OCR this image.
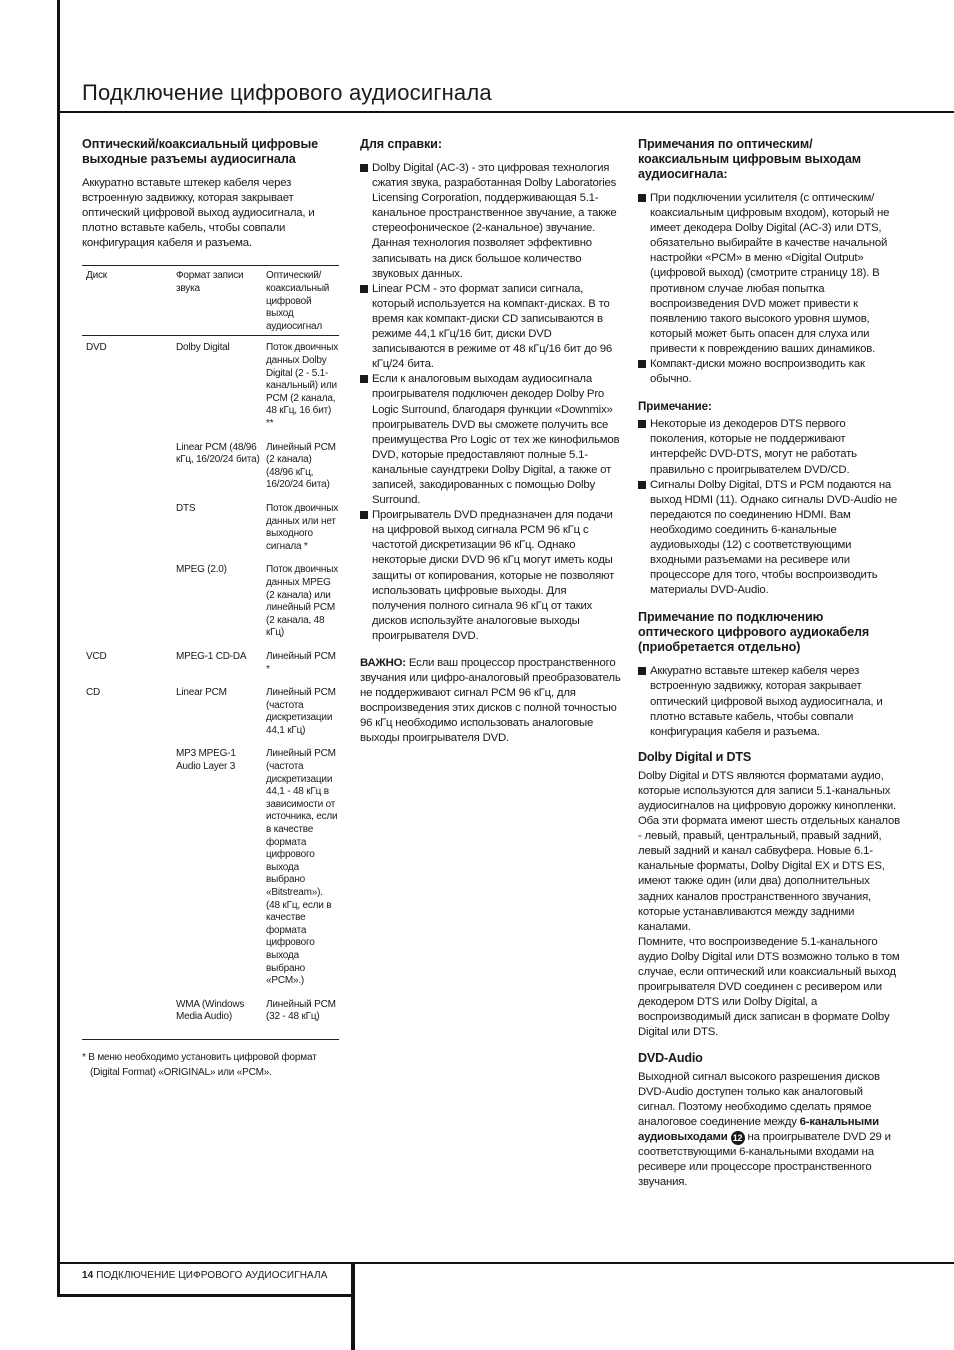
Подключение цифрового аудиосигнала
Оптический/коаксиальный цифровые выходные разъемы аудиосигнала

Аккуратно вставьте штекер кабеля через встроенную задвижку, которая закрывает оптический цифровой выход аудиосигнала, и плотно вставьте кабель, чтобы совпали конфигурация кабеля и разъема.

Диск	Формат записи звука	Оптический/ коаксиальный цифровой выход аудиосигнал
DVD	Dolby Digital	Поток двоичных данных Dolby Digital (2 - 5.1-канальный) или PCM (2 канала, 48 кГц, 16 бит) **
	Linear PCM (48/96 кГц, 16/20/24 бита)	Линейный PCM (2 канала) (48/96 кГц, 16/20/24 бита)
	DTS	Поток двоичных данных или нет выходного сигнала *
	MPEG (2.0)	Поток двоичных данных MPEG (2 канала) или линейный PCM (2 канала, 48 кГц)
VCD	MPEG-1 CD-DA	Линейный PCM *
CD	Linear PCM	Линейный PCM (частота дискретизации 44,1 кГц)
	MP3 MPEG-1 Audio Layer 3	Линейный PCM (частота дискретизации 44,1 - 48 кГц в зависимости от источника, если в качестве формата цифрового выхода выбрано «Bitstream»). (48 кГц, если в качестве формата цифрового выхода выбрано «PCM».)
	WMA (Windows Media Audio)	Линейный PCM (32 - 48 кГц)

* В меню необходимо установить цифровой формат (Digital Format) «ORIGINAL» или «PCM».

Для справки:
Dolby Digital (AC-3) - это цифровая технология сжатия звука, разработанная Dolby Laboratories Licensing Corporation, поддерживающая 5.1-канальное пространственное звучание, а также стереофоническое (2-канальное) звучание. Данная технология позволяет эффективно записывать на диск большое количество звуковых данных.
Linear PCM - это формат записи сигнала, который используется на компакт-дисках. В то время как компакт-диски CD записываются в режиме 44,1 кГц/16 бит, диски DVD записываются в режиме от 48 кГц/16 бит до 96 кГц/24 бита.
Если к аналоговым выходам аудиосигнала проигрывателя подключен декодер Dolby Pro Logic Surround, благодаря функции «Downmix» проигрыватель DVD вы сможете получить все преимущества Pro Logic от тех же кинофильмов DVD, которые предоставляют полные 5.1-канальные саундтреки Dolby Digital, а также от записей, закодированных с помощью Dolby Surround.
Проигрыватель DVD предназначен для подачи на цифровой выход сигнала PCM 96 кГц с частотой дискретизации 96 кГц. Однако некоторые диски DVD 96 кГц могут иметь коды защиты от копирования, которые не позволяют использовать цифровые выходы. Для получения полного сигнала 96 кГц от таких дисков используйте аналоговые выходы проигрывателя DVD.

ВАЖНО: Если ваш процессор пространственного звучания или цифро-аналоговый преобразователь не поддерживают сигнал PCM 96 кГц, для воспроизведения этих дисков с полной точностью 96 кГц необходимо использовать аналоговые выходы проигрывателя DVD.

Примечания по оптическим/коаксиальным цифровым выходам аудиосигнала:
При подключении усилителя (с оптическим/коаксиальным цифровым входом), который не имеет декодера Dolby Digital (AC-3) или DTS, обязательно выбирайте в качестве начальной настройки «PCM» в меню «Digital Output» (цифровой выход) (смотрите страницу 18). В противном случае любая попытка воспроизведения DVD может привести к появлению такого высокого уровня шумов, который может быть опасен для слуха или привести к повреждению ваших динамиков.
Компакт-диски можно воспроизводить как обычно.
Примечание:
Некоторые из декодеров DTS первого поколения, которые не поддерживают интерфейс DVD-DTS, могут не работать правильно с проигрывателем DVD/CD.
Сигналы Dolby Digital, DTS и PCM подаются на выход HDMI (11). Однако сигналы DVD-Audio не передаются по соединению HDMI. Вам необходимо соединить 6-канальные аудиовыходы (12) с соответствующими входными разъемами на ресивере или процессоре для того, чтобы воспроизводить материалы DVD-Audio.
Примечание по подключению оптического цифрового аудиокабеля (приобретается отдельно)
Аккуратно вставьте штекер кабеля через встроенную задвижку, которая закрывает оптический цифровой выход аудиосигнала, и плотно вставьте кабель, чтобы совпали конфигурация кабеля и разъема.
Dolby Digital и DTS

Dolby Digital и DTS являются форматами аудио, которые используются для записи 5.1-канальных аудиосигналов на цифровую дорожку кинопленки. Оба эти формата имеют шесть отдельных каналов - левый, правый, центральный, правый задний, левый задний и канал сабвуфера. Новые 6.1-канальные форматы, Dolby Digital EX и DTS ES, имеют также один (или два) дополнительных задних каналов пространственного звучания, которые устанавливаются между задними каналами.

Помните, что воспроизведение 5.1-канального аудио Dolby Digital или DTS возможно только в том случае, если оптический или коаксиальный выход проигрывателя DVD соединен с ресивером или декодером DTS или Dolby Digital, а воспроизводимый диск записан в формате Dolby Digital или DTS.

DVD-Audio

Выходной сигнал высокого разрешения дисков DVD-Audio доступен только как аналоговый сигнал. Поэтому необходимо сделать прямое аналоговое соединение между 6-канальными аудиовыходами 12 на проигрывателе DVD 29 и соответствующими 6-канальными входами на ресивере или процессоре пространственного звучания.

14 ПОДКЛЮЧЕНИЕ ЦИФРОВОГО АУДИОСИГНАЛА
